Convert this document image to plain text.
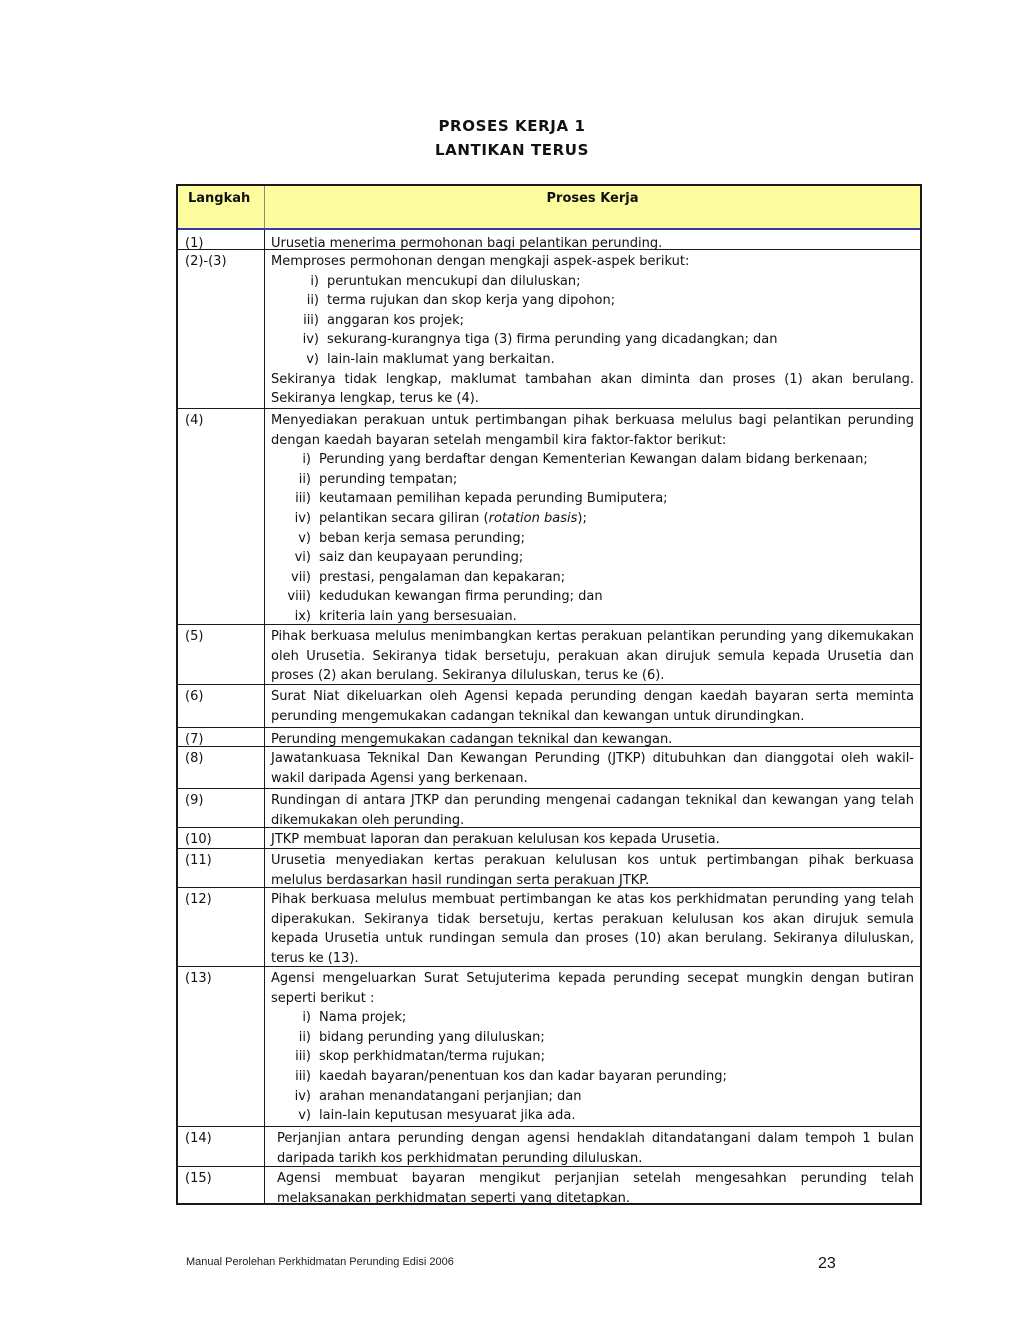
PROSES KERJA 1
LANTIKAN TERUS
Langkah	Proses Kerja
(1)	Urusetia menerima permohonan bagi pelantikan perunding.
(2)-(3)	Memproses permohonan dengan mengkaji aspek-aspek berikut:
i) peruntukan mencukupi dan diluluskan;
ii) terma rujukan dan skop kerja yang dipohon;
iii) anggaran kos projek;
iv) sekurang-kurangnya tiga (3) firma perunding yang dicadangkan; dan
v) lain-lain maklumat yang berkaitan.
Sekiranya tidak lengkap, maklumat tambahan akan diminta dan proses (1) akan berulang. Sekiranya lengkap, terus ke (4).
(4)	Menyediakan perakuan untuk pertimbangan pihak berkuasa melulus bagi pelantikan perunding dengan kaedah bayaran setelah mengambil kira faktor-faktor berikut:
i) Perunding yang berdaftar dengan Kementerian Kewangan dalam bidang berkenaan;
ii) perunding tempatan;
iii) keutamaan pemilihan kepada perunding Bumiputera;
iv) pelantikan secara giliran (rotation basis);
v) beban kerja semasa perunding;
vi) saiz dan keupayaan perunding;
vii) prestasi, pengalaman dan kepakaran;
viii) kedudukan kewangan firma perunding; dan
ix) kriteria lain yang bersesuaian.
(5)	Pihak berkuasa melulus menimbangkan kertas perakuan pelantikan perunding yang dikemukakan oleh Urusetia. Sekiranya tidak bersetuju, perakuan akan dirujuk semula kepada Urusetia dan proses (2) akan berulang. Sekiranya diluluskan, terus ke (6).
(6)	Surat Niat dikeluarkan oleh Agensi kepada perunding dengan kaedah bayaran serta meminta perunding mengemukakan cadangan teknikal dan kewangan untuk dirundingkan.
(7)	Perunding mengemukakan cadangan teknikal dan kewangan.
(8)	Jawatankuasa Teknikal Dan Kewangan Perunding (JTKP) ditubuhkan dan dianggotai oleh wakil-wakil daripada Agensi yang berkenaan.
(9)	Rundingan di antara JTKP dan perunding mengenai cadangan teknikal dan kewangan yang telah dikemukakan oleh perunding.
(10)	JTKP membuat laporan dan perakuan kelulusan kos kepada Urusetia.
(11)	Urusetia menyediakan kertas perakuan kelulusan kos untuk pertimbangan pihak berkuasa melulus berdasarkan hasil rundingan serta perakuan JTKP.
(12)	Pihak berkuasa melulus membuat pertimbangan ke atas kos perkhidmatan perunding yang telah diperakukan. Sekiranya tidak bersetuju, kertas perakuan kelulusan kos akan dirujuk semula kepada Urusetia untuk rundingan semula dan proses (10) akan berulang. Sekiranya diluluskan, terus ke (13).
(13)	Agensi mengeluarkan Surat Setujuterima kepada perunding secepat mungkin dengan butiran seperti berikut :
i) Nama projek;
ii) bidang perunding yang diluluskan;
iii) skop perkhidmatan/terma rujukan;
iii) kaedah bayaran/penentuan kos dan kadar bayaran perunding;
iv) arahan menandatangani perjanjian; dan
v) lain-lain keputusan mesyuarat jika ada.
(14)	Perjanjian antara perunding dengan agensi hendaklah ditandatangani dalam tempoh 1 bulan daripada tarikh kos perkhidmatan perunding diluluskan.
(15)	Agensi membuat bayaran mengikut perjanjian setelah mengesahkan perunding telah melaksanakan perkhidmatan seperti yang ditetapkan.
Manual Perolehan Perkhidmatan Perunding Edisi 2006	23
